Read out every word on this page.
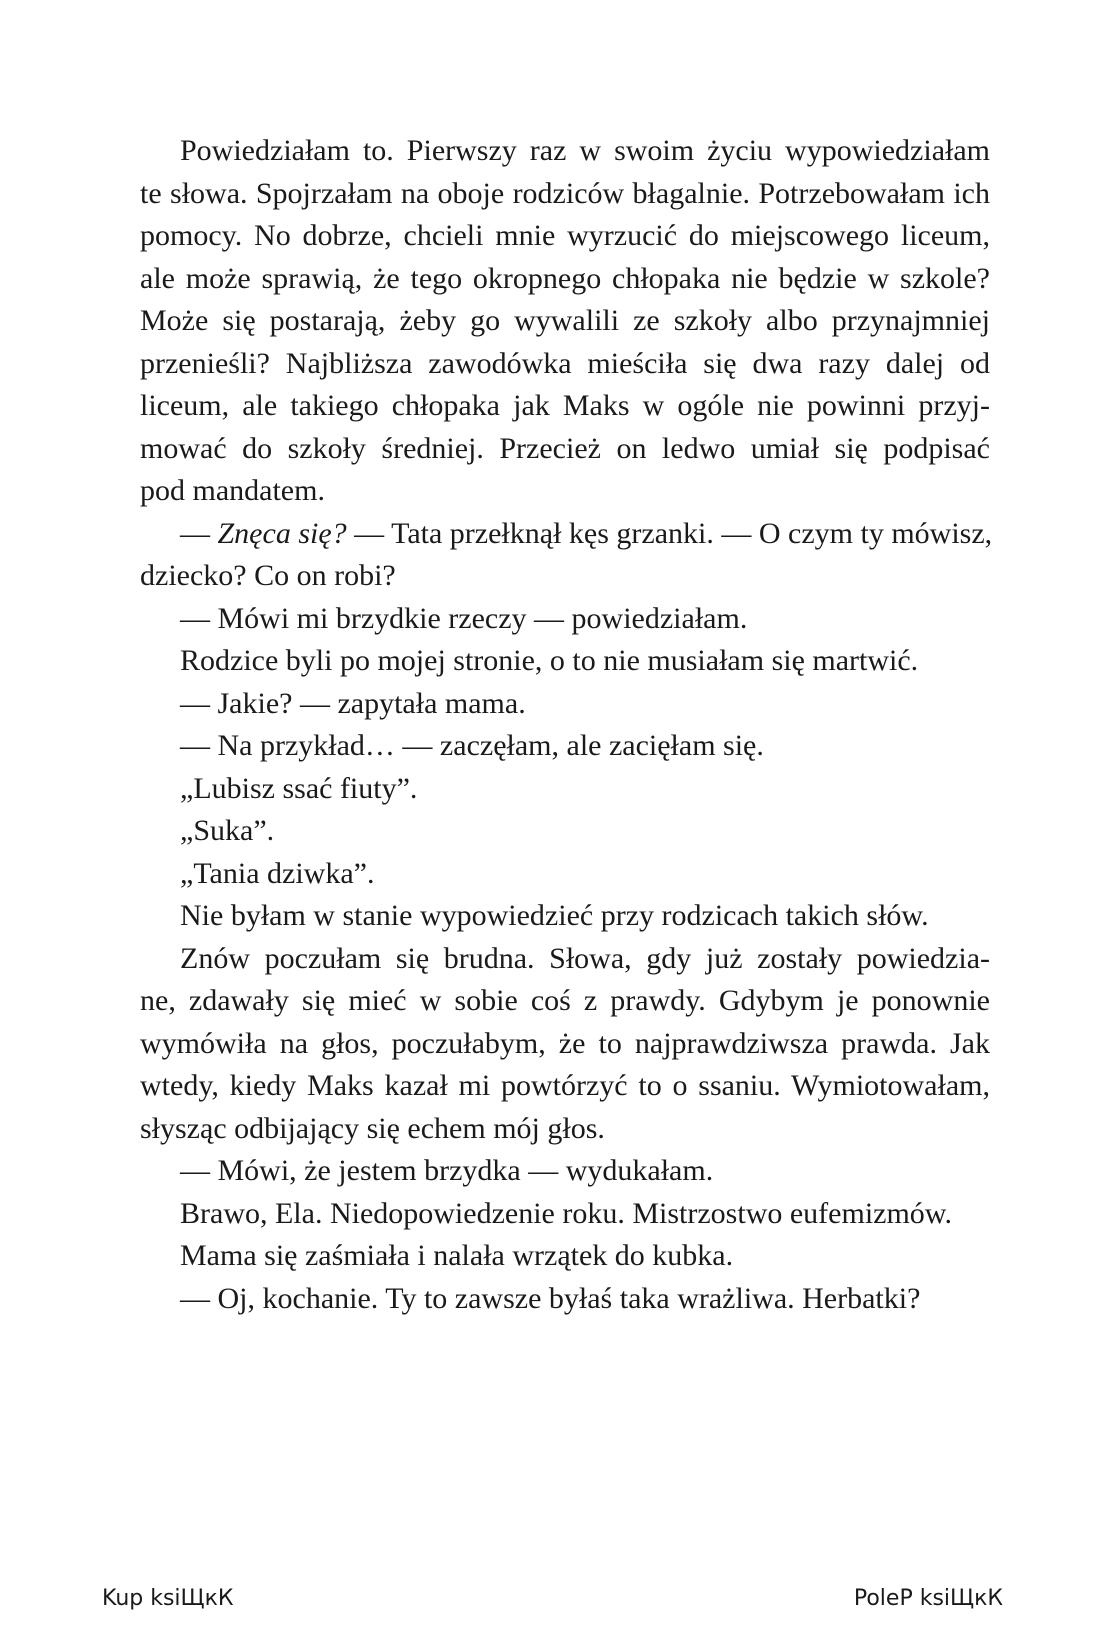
Powiedziałam to. Pierwszy raz w swoim życiu wypowiedziałam
te słowa. Spojrzałam na oboje rodziców błagalnie. Potrzebowałam ich
pomocy. No dobrze, chcieli mnie wyrzucić do miejscowego liceum,
ale może sprawią, że tego okropnego chłopaka nie będzie w szkole?
Może się postarają, żeby go wywalili ze szkoły albo przynajmniej
przenieśli? Najbliższa zawodówka mieściła się dwa razy dalej od
liceum, ale takiego chłopaka jak Maks w ogóle nie powinni przyj-
mować do szkoły średniej. Przecież on ledwo umiał się podpisać
pod mandatem.
— Znęca się? — Tata przełknął kęs grzanki. — O czym ty mówisz,
dziecko? Co on robi?
— Mówi mi brzydkie rzeczy — powiedziałam.
Rodzice byli po mojej stronie, o to nie musiałam się martwić.
— Jakie? — zapytała mama.
— Na przykład… — zaczęłam, ale zacięłam się.
„Lubisz ssać fiuty”.
„Suka”.
„Tania dziwka”.
Nie byłam w stanie wypowiedzieć przy rodzicach takich słów.
Znów poczułam się brudna. Słowa, gdy już zostały powiedzia-
ne, zdawały się mieć w sobie coś z prawdy. Gdybym je ponownie
wymówiła na głos, poczułabym, że to najprawdziwsza prawda. Jak
wtedy, kiedy Maks kazał mi powtórzyć to o ssaniu. Wymiotowałam,
słysząc odbijający się echem mój głos.
— Mówi, że jestem brzydka — wydukałam.
Brawo, Ela. Niedopowiedzenie roku. Mistrzostwo eufemizmów.
Mama się zaśmiała i nalała wrzątek do kubka.
— Oj, kochanie. Ty to zawsze byłaś taka wrażliwa. Herbatki?
Kup ksiЩкК	PoleР ksiЩкК
